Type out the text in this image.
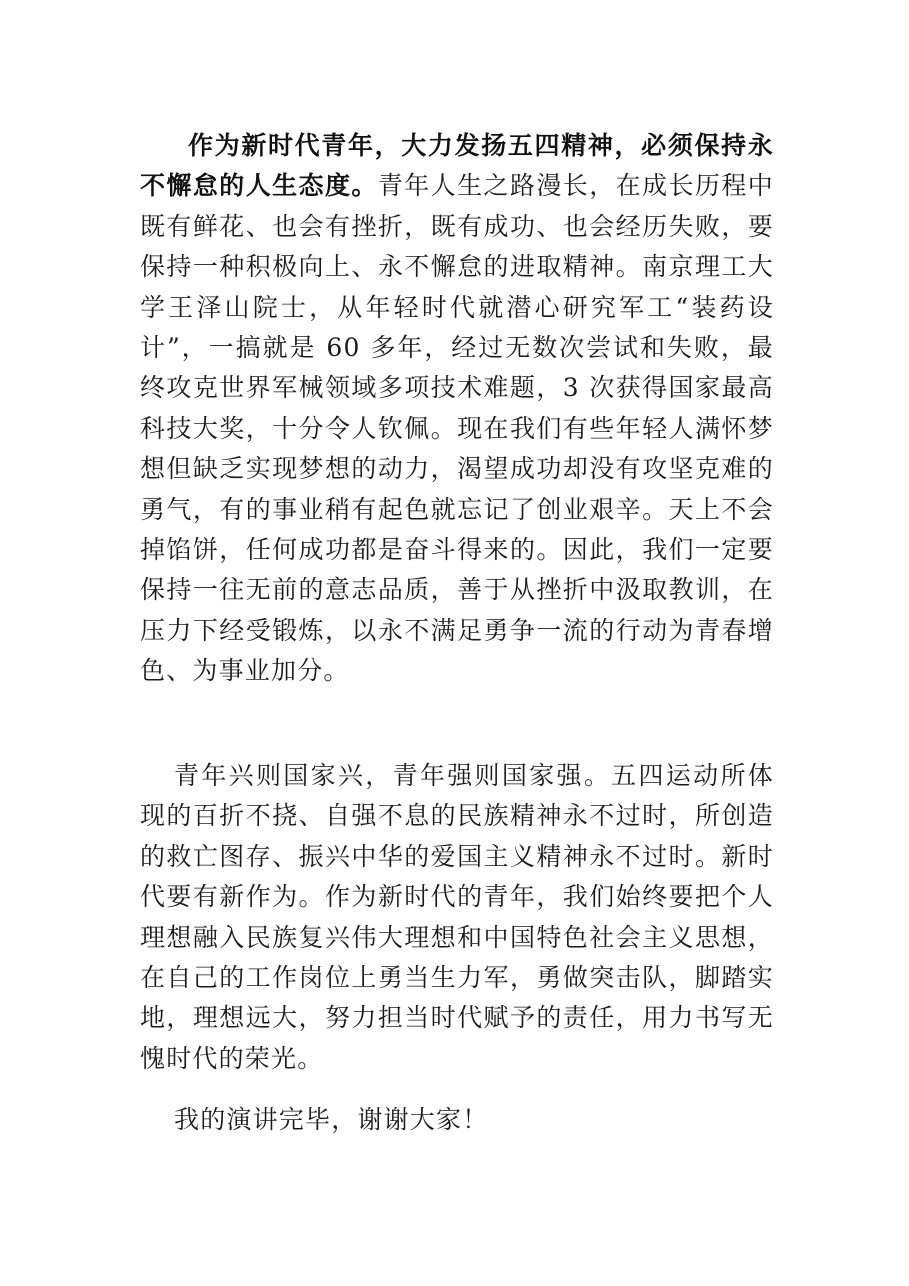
作为新时代青年，大力发扬五四精神，必须保持永不懈怠的人生态度。青年人生之路漫长，在成长历程中既有鲜花、也会有挫折，既有成功、也会经历失败，要保持一种积极向上、永不懈怠的进取精神。南京理工大学王泽山院士，从年轻时代就潜心研究军工“装药设计”，一搞就是 60 多年，经过无数次尝试和失败，最终攻克世界军械领域多项技术难题，3 次获得国家最高科技大奖，十分令人钦佩。现在我们有些年轻人满怀梦想但缺乏实现梦想的动力，渴望成功却没有攻坚克难的勇气，有的事业稍有起色就忘记了创业艰辛。天上不会掉馅饼，任何成功都是奋斗得来的。因此，我们一定要保持一往无前的意志品质，善于从挫折中汲取教训，在压力下经受锻炼，以永不满足勇争一流的行动为青春增色、为事业加分。

青年兴则国家兴，青年强则国家强。五四运动所体现的百折不挠、自强不息的民族精神永不过时，所创造的救亡图存、振兴中华的爱国主义精神永不过时。新时代要有新作为。作为新时代的青年，我们始终要把个人理想融入民族复兴伟大理想和中国特色社会主义思想，在自己的工作岗位上勇当生力军，勇做突击队，脚踏实地，理想远大，努力担当时代赋予的责任，用力书写无愧时代的荣光。

我的演讲完毕，谢谢大家！
